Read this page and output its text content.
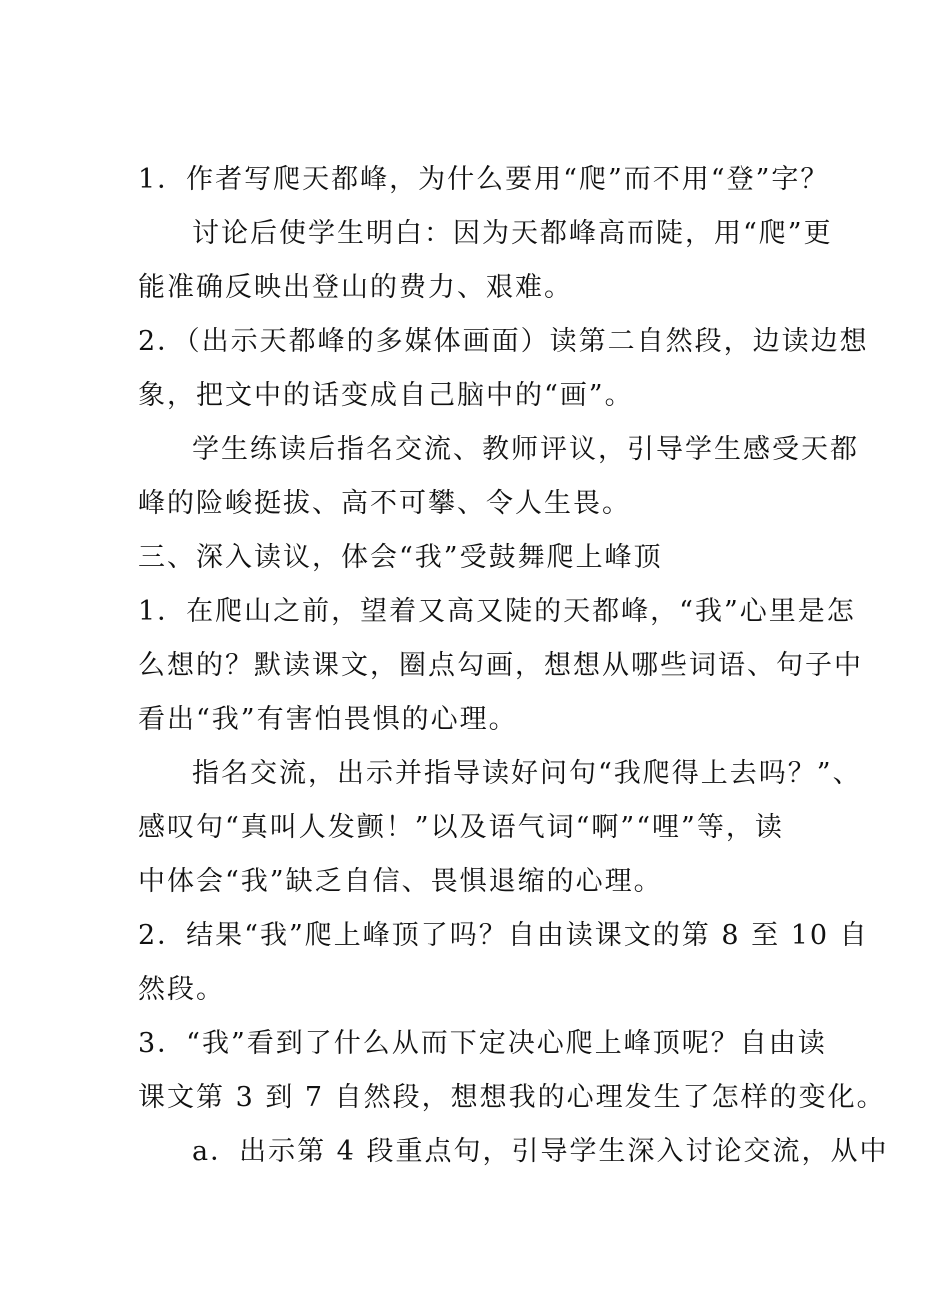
1．作者写爬天都峰，为什么要用“爬”而不用“登”字？
讨论后使学生明白：因为天都峰高而陡，用“爬”更
能准确反映出登山的费力、艰难。
2．（出示天都峰的多媒体画面）读第二自然段，边读边想
象，把文中的话变成自己脑中的“画”。
学生练读后指名交流、教师评议，引导学生感受天都
峰的险峻挺拔、高不可攀、令人生畏。
三、深入读议，体会“我”受鼓舞爬上峰顶
1．在爬山之前，望着又高又陡的天都峰，“我”心里是怎
么想的？默读课文，圈点勾画，想想从哪些词语、句子中
看出“我”有害怕畏惧的心理。
指名交流，出示并指导读好问句“我爬得上去吗？”、
感叹句“真叫人发颤！”以及语气词“啊”“哩”等，读
中体会“我”缺乏自信、畏惧退缩的心理。
2．结果“我”爬上峰顶了吗？自由读课文的第 8 至 10 自
然段。
3．“我”看到了什么从而下定决心爬上峰顶呢？自由读
课文第 3 到 7 自然段，想想我的心理发生了怎样的变化。
a．出示第 4 段重点句，引导学生深入讨论交流，从中
